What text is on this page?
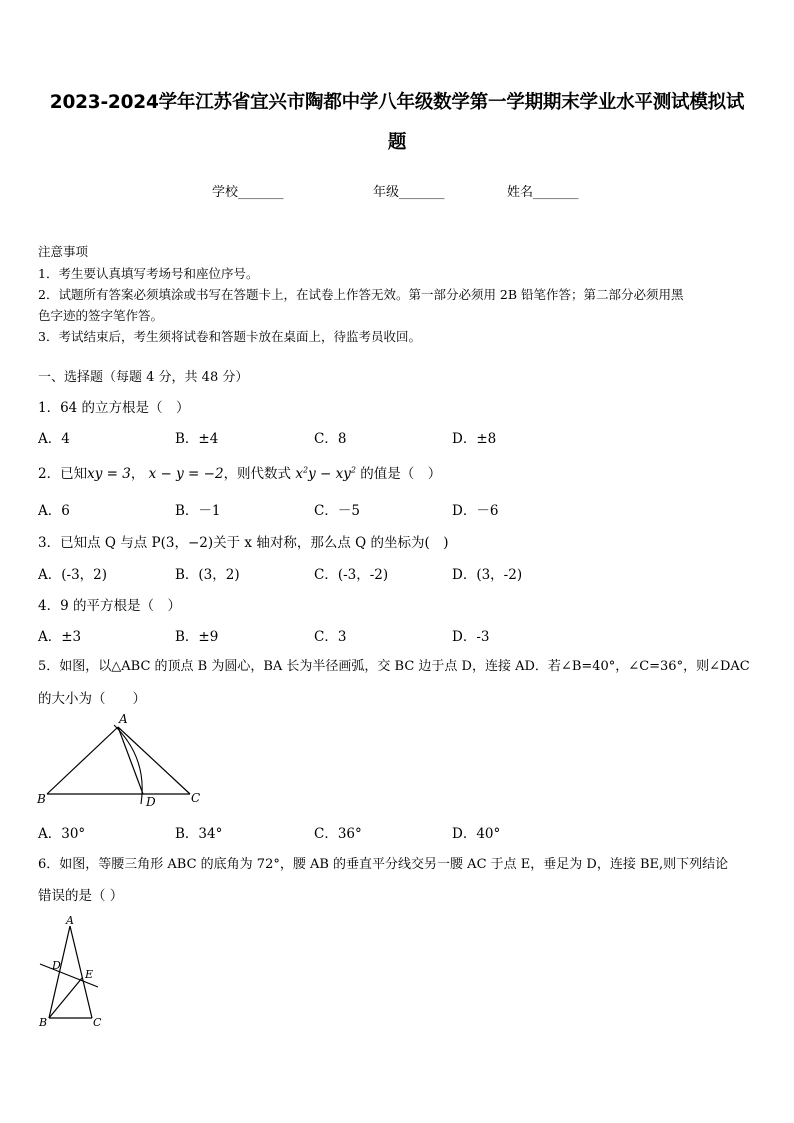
2023-2024学年江苏省宜兴市陶都中学八年级数学第一学期期末学业水平测试模拟试
题
学校_______	年级_______	姓名_______
注意事项
1．考生要认真填写考场号和座位序号。
2．试题所有答案必须填涂或书写在答题卡上，在试卷上作答无效。第一部分必须用 2B 铅笔作答；第二部分必须用黑
色字迹的签字笔作答。
3．考试结束后，考生须将试卷和答题卡放在桌面上，待监考员收回。
一、选择题（每题 4 分，共 48 分）
1．64 的立方根是（　）
A．4	B．±4	C．8	D．±8
2．已知xy = 3， x − y = −2，则代数式 $x^2y - xy^2$ 的值是（　）
A．6	B．－1	C．－5	D．－6
3．已知点 Q 与点 P(3，−2)关于 x 轴对称，那么点 Q 的坐标为(　)
A．(-3，2)	B．(3，2)	C．(-3，-2)	D．(3，-2)
4．9 的平方根是（　）
A．±3	B．±9	C．3	D．-3
5．如图，以△ABC 的顶点 B 为圆心，BA 长为半径画弧，交 BC 边于点 D，连接 AD．若∠B=40°，∠C=36°，则∠DAC
的大小为（　　）
A
B	D	C
A．30°	B．34°	C．36°	D．40°
6．如图，等腰三角形 ABC 的底角为 72°，腰 AB 的垂直平分线交另一腰 AC 于点 E，垂足为 D，连接 BE,则下列结论
错误的是（ ）
A
D
E
B	C
